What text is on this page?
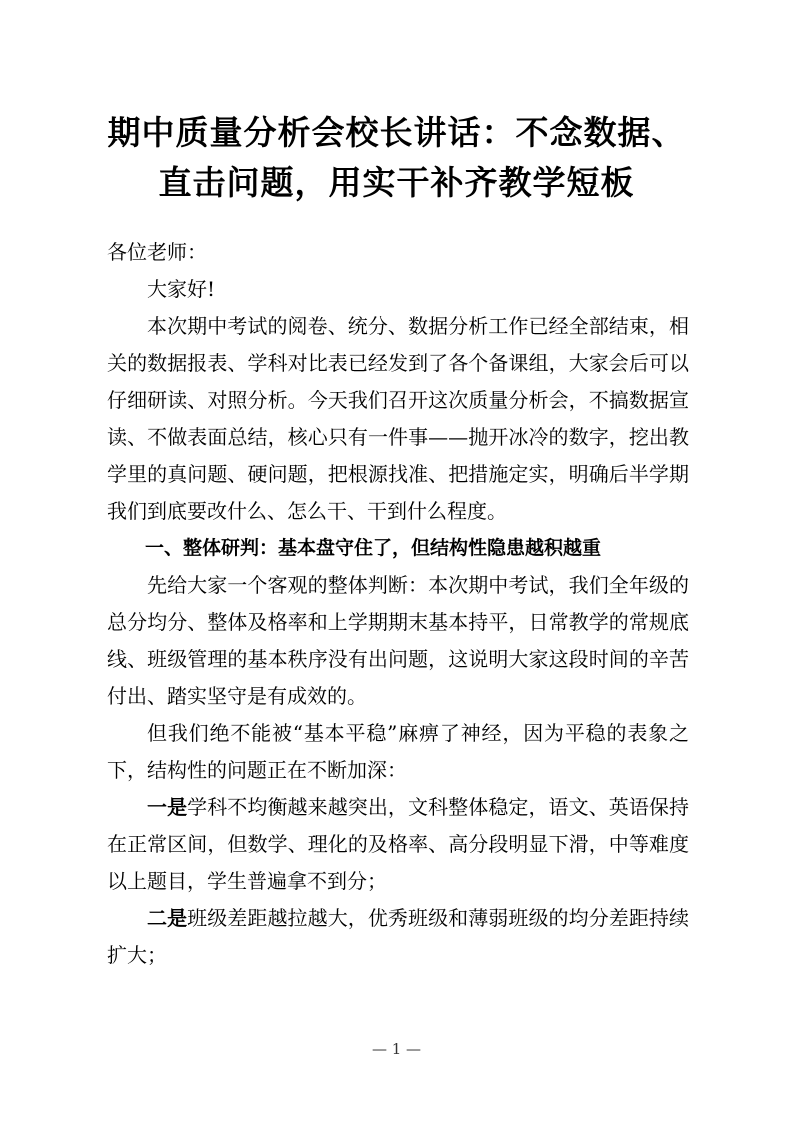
期中质量分析会校长讲话：不念数据、直击问题，用实干补齐教学短板

各位老师：

大家好!

本次期中考试的阅卷、统分、数据分析工作已经全部结束，相关的数据报表、学科对比表已经发到了各个备课组，大家会后可以仔细研读、对照分析。今天我们召开这次质量分析会，不搞数据宣读、不做表面总结，核心只有一件事——抛开冰冷的数字，挖出教学里的真问题、硬问题，把根源找准、把措施定实，明确后半学期我们到底要改什么、怎么干、干到什么程度。

一、整体研判：基本盘守住了，但结构性隐患越积越重

先给大家一个客观的整体判断：本次期中考试，我们全年级的总分均分、整体及格率和上学期期末基本持平，日常教学的常规底线、班级管理的基本秩序没有出问题，这说明大家这段时间的辛苦付出、踏实坚守是有成效的。

但我们绝不能被“基本平稳”麻痹了神经，因为平稳的表象之下，结构性的问题正在不断加深：

一是学科不均衡越来越突出，文科整体稳定，语文、英语保持在正常区间，但数学、理化的及格率、高分段明显下滑，中等难度以上题目，学生普遍拿不到分；

二是班级差距越拉越大，优秀班级和薄弱班级的均分差距持续扩大；

— 1 —
